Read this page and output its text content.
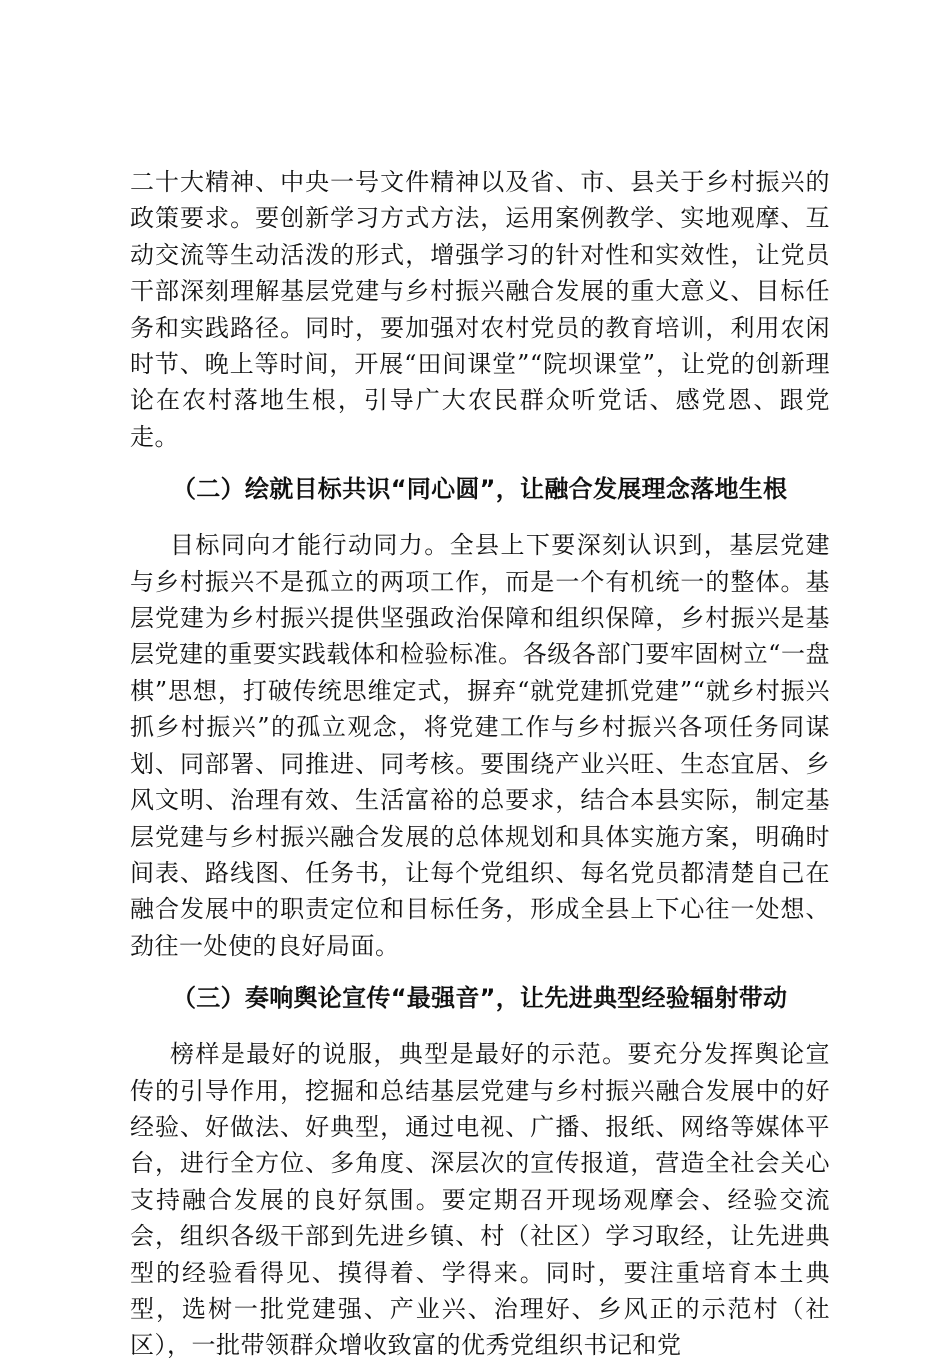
二十大精神、中央一号文件精神以及省、市、县关于乡村振兴的政策要求。要创新学习方式方法，运用案例教学、实地观摩、互动交流等生动活泼的形式，增强学习的针对性和实效性，让党员干部深刻理解基层党建与乡村振兴融合发展的重大意义、目标任务和实践路径。同时，要加强对农村党员的教育培训，利用农闲时节、晚上等时间，开展“田间课堂”“院坝课堂”，让党的创新理论在农村落地生根，引导广大农民群众听党话、感党恩、跟党走。

（二）绘就目标共识“同心圆”，让融合发展理念落地生根

目标同向才能行动同力。全县上下要深刻认识到，基层党建与乡村振兴不是孤立的两项工作，而是一个有机统一的整体。基层党建为乡村振兴提供坚强政治保障和组织保障，乡村振兴是基层党建的重要实践载体和检验标准。各级各部门要牢固树立“一盘棋”思想，打破传统思维定式，摒弃“就党建抓党建”“就乡村振兴抓乡村振兴”的孤立观念，将党建工作与乡村振兴各项任务同谋划、同部署、同推进、同考核。要围绕产业兴旺、生态宜居、乡风文明、治理有效、生活富裕的总要求，结合本县实际，制定基层党建与乡村振兴融合发展的总体规划和具体实施方案，明确时间表、路线图、任务书，让每个党组织、每名党员都清楚自己在融合发展中的职责定位和目标任务，形成全县上下心往一处想、劲往一处使的良好局面。

（三）奏响舆论宣传“最强音”，让先进典型经验辐射带动

榜样是最好的说服，典型是最好的示范。要充分发挥舆论宣传的引导作用，挖掘和总结基层党建与乡村振兴融合发展中的好经验、好做法、好典型，通过电视、广播、报纸、网络等媒体平台，进行全方位、多角度、深层次的宣传报道，营造全社会关心支持融合发展的良好氛围。要定期召开现场观摩会、经验交流会，组织各级干部到先进乡镇、村（社区）学习取经，让先进典型的经验看得见、摸得着、学得来。同时，要注重培育本土典型，选树一批党建强、产业兴、治理好、乡风正的示范村（社区），一批带领群众增收致富的优秀党组织书记和党
